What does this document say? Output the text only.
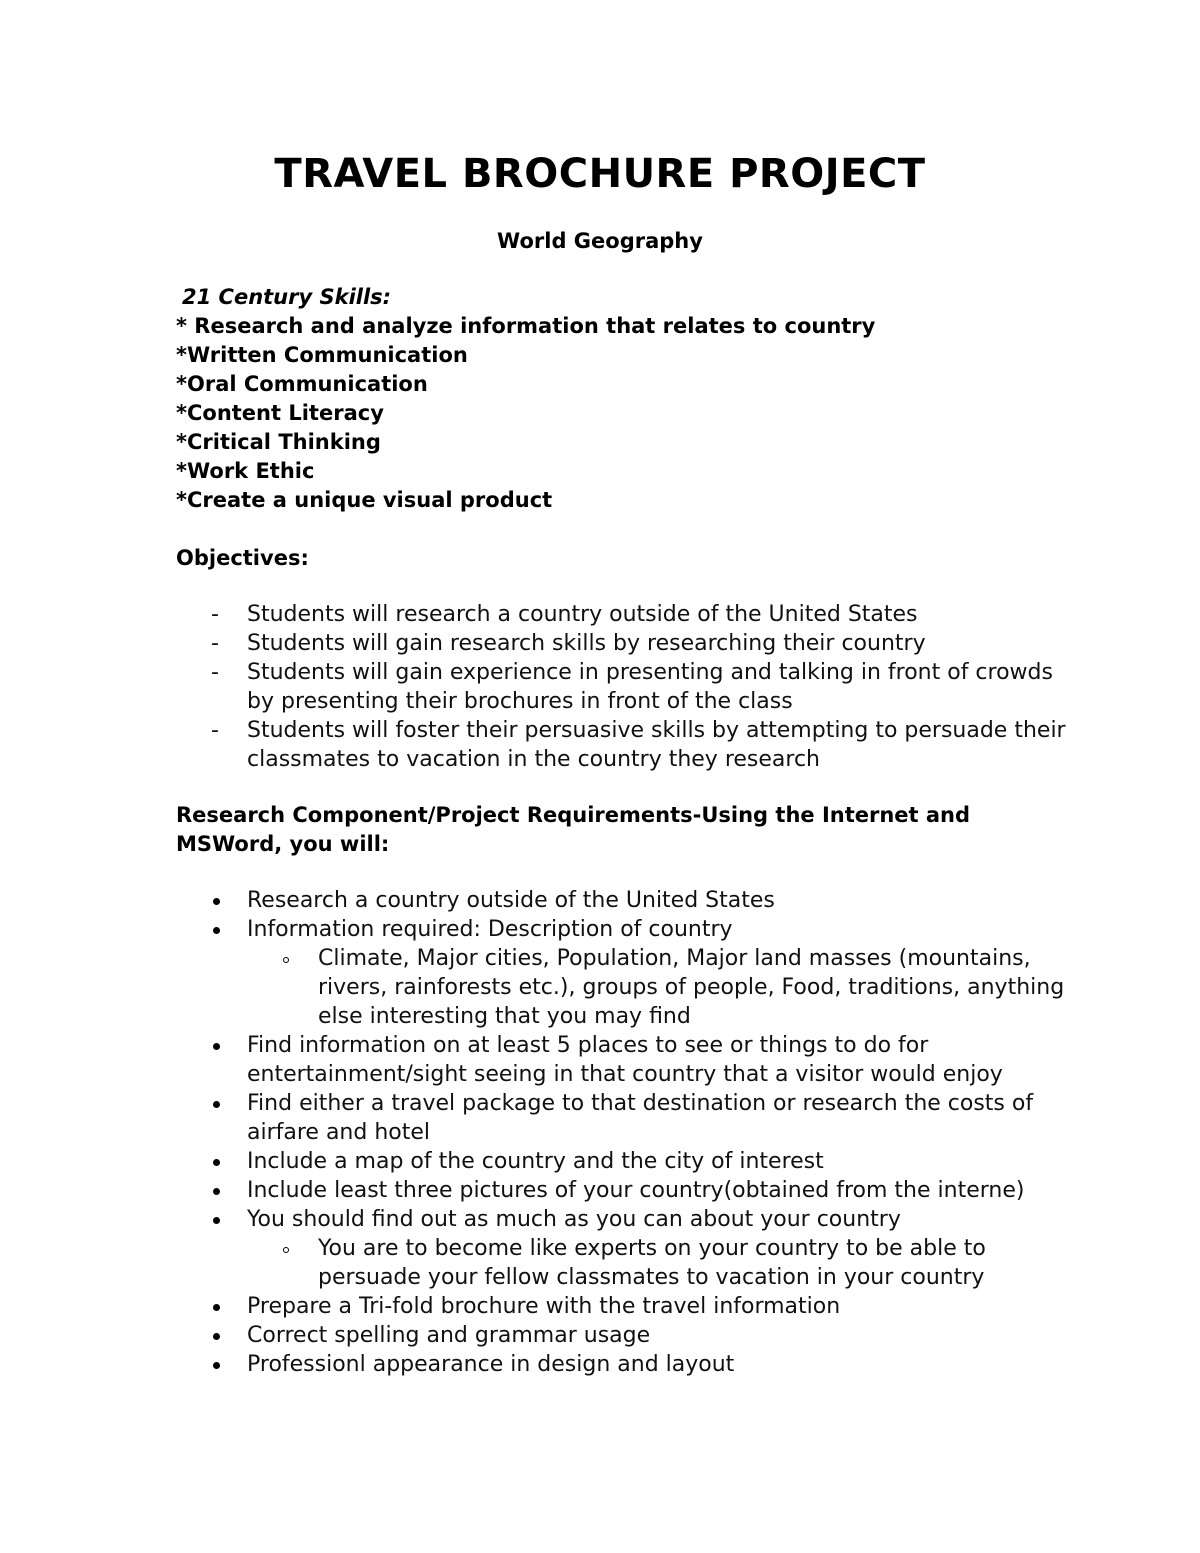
TRAVEL BROCHURE PROJECT
World Geography
21 Century Skills:
* Research and analyze information that relates to country
*Written Communication
*Oral Communication
*Content Literacy
*Critical Thinking
*Work Ethic
*Create a unique visual product
Objectives:
- Students will research a country outside of the United States
- Students will gain research skills by researching their country
- Students will gain experience in presenting and talking in front of crowds by presenting their brochures in front of the class
- Students will foster their persuasive skills by attempting to persuade their classmates to vacation in the country they research
Research Component/Project Requirements-Using the Internet and MSWord, you will:
Research a country outside of the United States
Information required: Description of country
Climate, Major cities, Population, Major land masses (mountains, rivers, rainforests etc.), groups of people, Food, traditions, anything else interesting that you may find
Find information on at least 5 places to see or things to do for entertainment/sight seeing in that country that a visitor would enjoy
Find either a travel package to that destination or research the costs of airfare and hotel
Include a map of the country and the city of interest
Include least three pictures of your country(obtained from the interne)
You should find out as much as you can about your country
You are to become like experts on your country to be able to persuade your fellow classmates to vacation in your country
Prepare a Tri-fold brochure with the travel information
Correct spelling and grammar usage
Professionl appearance in design and layout
